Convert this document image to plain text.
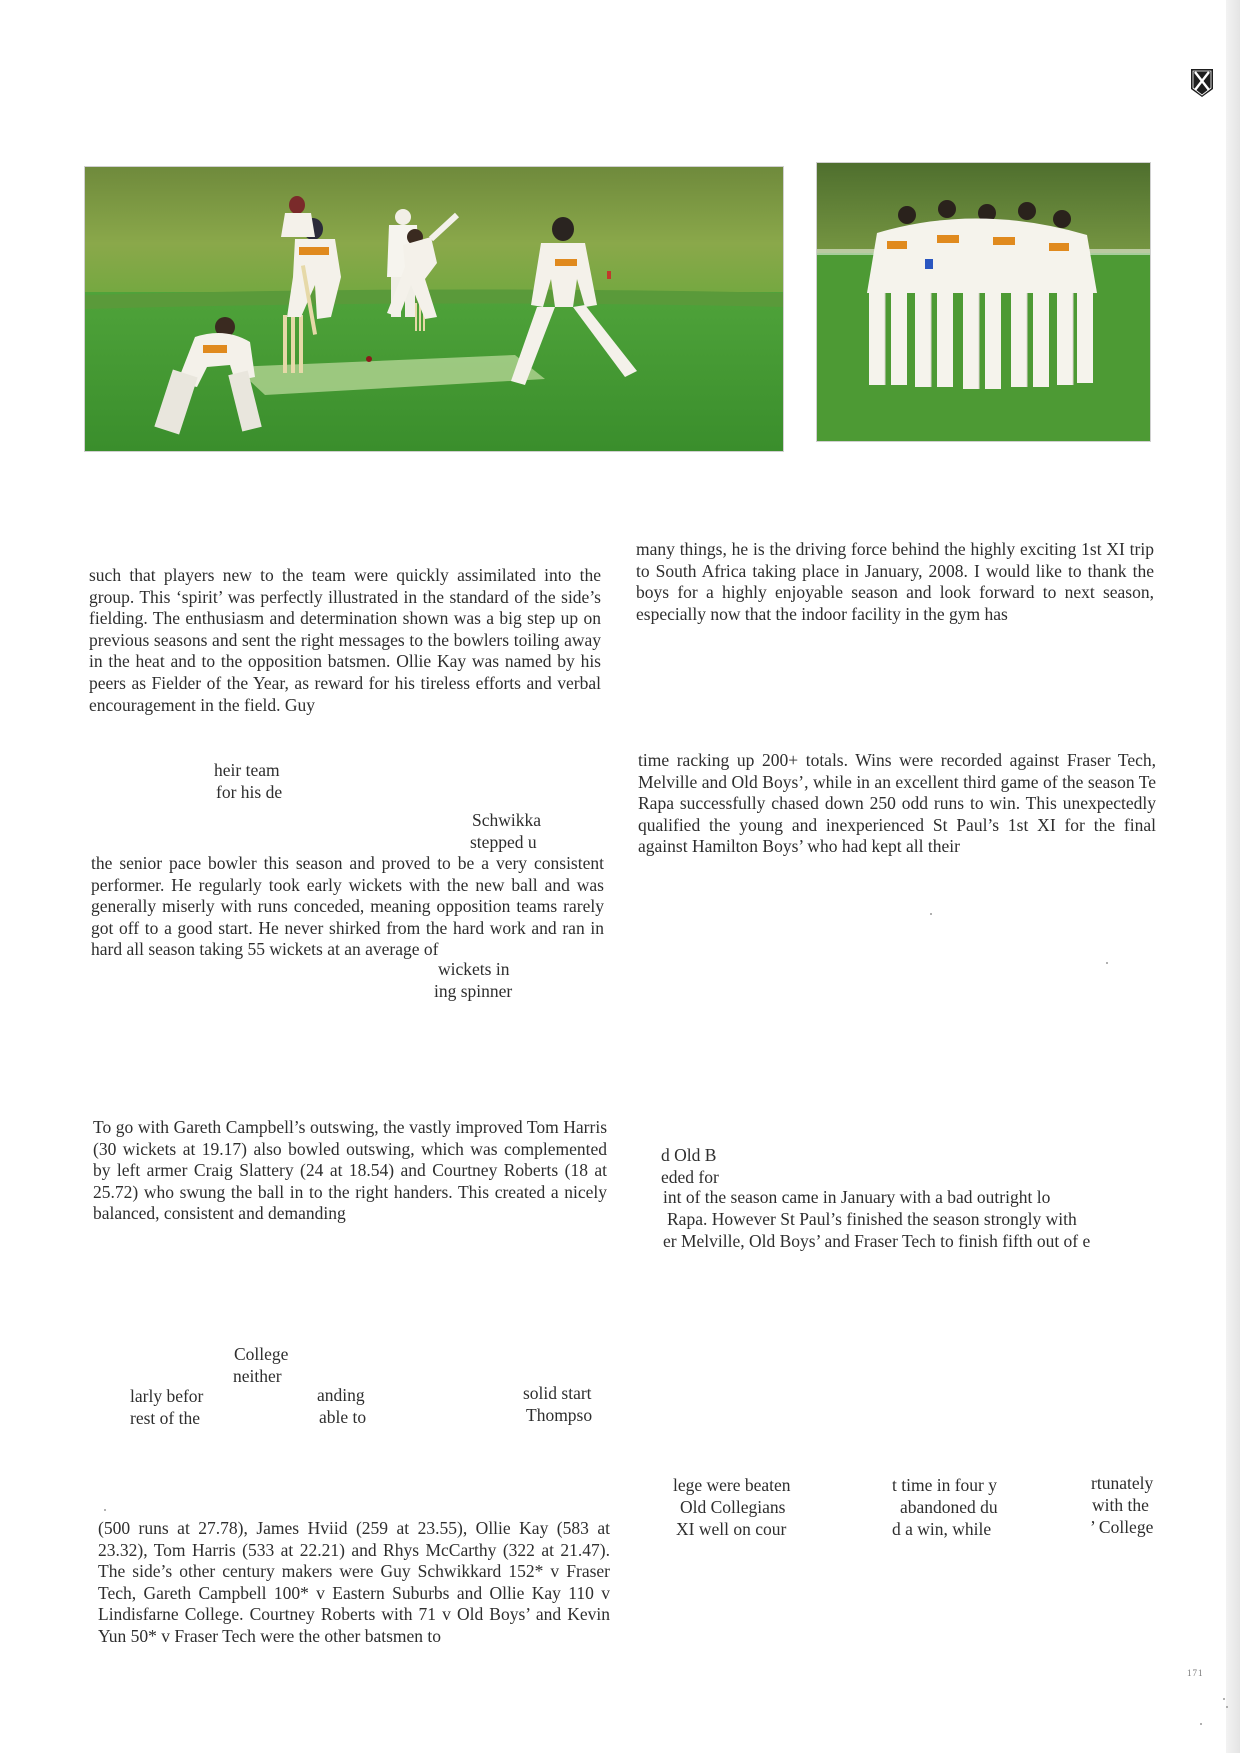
such that players new to the team were quickly assimilated into the group. This ‘spirit’ was perfectly illustrated in the standard of the side’s fielding. The enthusiasm and determination shown was a big step up on previous seasons and sent the right messages to the bowlers toiling away in the heat and to the opposition batsmen. Ollie Kay was named by his peers as Fielder of the Year, as reward for his tireless efforts and verbal encouragement in the field. Guy

heir team
for his de
Schwikka
stepped u

the senior pace bowler this season and proved to be a very consistent performer. He regularly took early wickets with the new ball and was generally miserly with runs conceded, meaning opposition teams rarely got off to a good start. He never shirked from the hard work and ran in hard all season taking 55 wickets at an average of

wickets in
ing spinner

To go with Gareth Campbell’s outswing, the vastly improved Tom Harris (30 wickets at 19.17) also bowled outswing, which was complemented by left armer Craig Slattery (24 at 18.54) and Courtney Roberts (18 at 25.72) who swung the ball in to the right handers. This created a nicely balanced, consistent and demanding

College
neither
larly befor
rest of the
anding
able to
solid start
Thompso

(500 runs at 27.78), James Hviid (259 at 23.55), Ollie Kay (583 at 23.32), Tom Harris (533 at 22.21) and Rhys McCarthy (322 at 21.47). The side’s other century makers were Guy Schwikkard 152* v Fraser Tech, Gareth Campbell 100* v Eastern Suburbs and Ollie Kay 110 v Lindisfarne College. Courtney Roberts with 71 v Old Boys’ and Kevin Yun 50* v Fraser Tech were the other batsmen to

many things, he is the driving force behind the highly exciting 1st XI trip to South Africa taking place in January, 2008. I would like to thank the boys for a highly enjoyable season and look forward to next season, especially now that the indoor facility in the gym has

time racking up 200+ totals. Wins were recorded against Fraser Tech, Melville and Old Boys’, while in an excellent third game of the season Te Rapa successfully chased down 250 odd runs to win. This unexpectedly qualified the young and inexperienced St Paul’s 1st XI for the final against Hamilton Boys’ who had kept all their

d Old B
eded for
int of the season came in January with a bad outright lo
Rapa. However St Paul’s finished the season strongly with
er Melville, Old Boys’ and Fraser Tech to finish fifth out of e
lege were beaten
Old Collegians
XI well on cour
t time in four y
abandoned du
d a win, while
rtunately
with the
’ College
171
